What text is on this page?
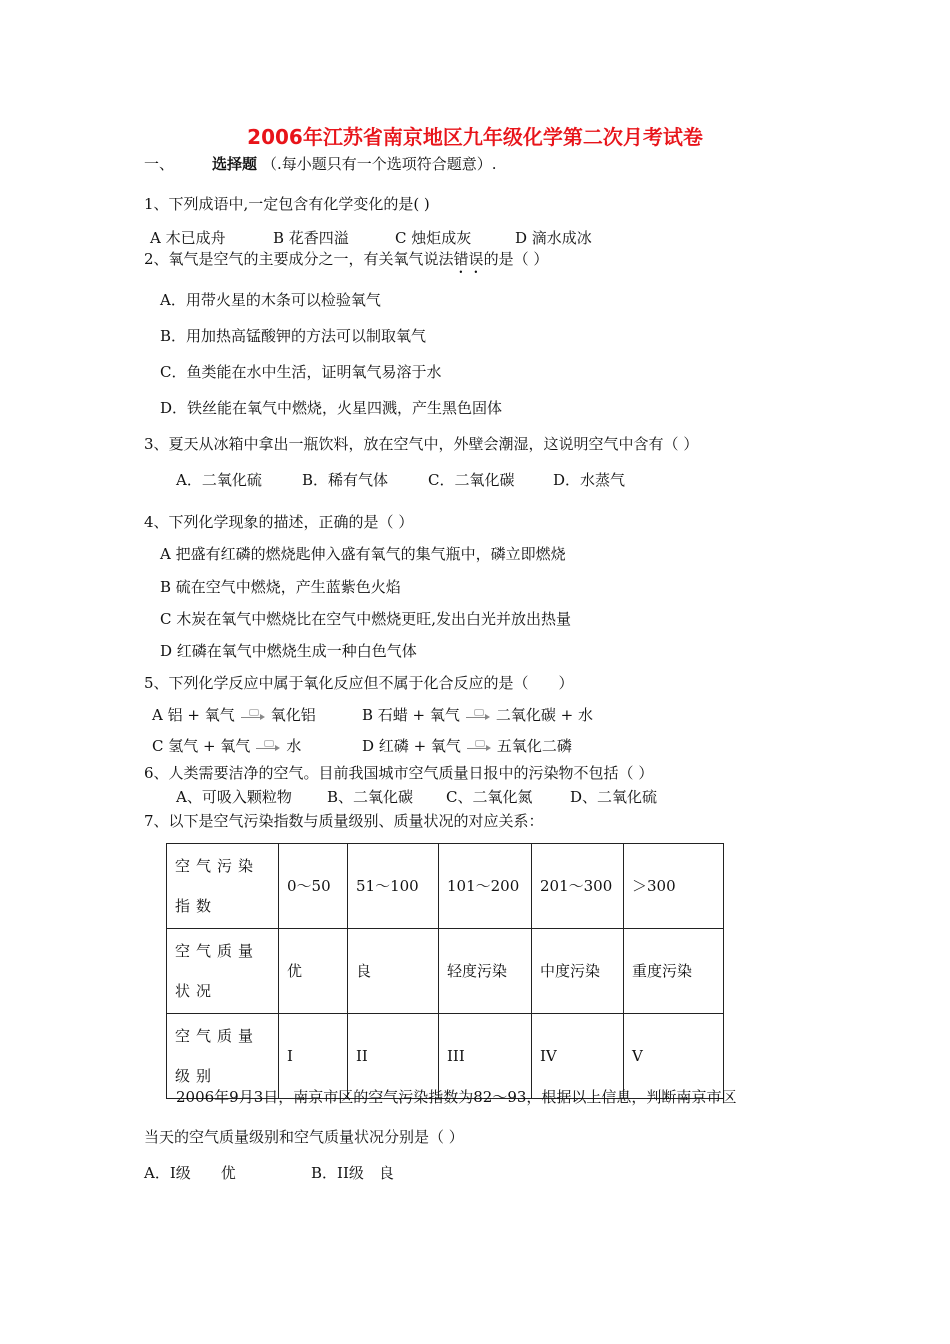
2006年江苏省南京地区九年级化学第二次月考试卷
一、	选择题 （.每小题只有一个选项符合题意）.
1、下列成语中,一定包含有化学变化的是( )
A 木已成舟	B 花香四溢	C 烛炬成灰	D 滴水成冰
2、氧气是空气的主要成分之一，有关氧气说法错误的是（ ）
A．用带火星的木条可以检验氧气
B．用加热高锰酸钾的方法可以制取氧气
C．鱼类能在水中生活，证明氧气易溶于水
D．铁丝能在氧气中燃烧，火星四溅，产生黑色固体
3、夏天从冰箱中拿出一瓶饮料，放在空气中，外壁会潮湿，这说明空气中含有（ ）
A．二氧化硫	B．稀有气体	C．二氧化碳	D．水蒸气
4、下列化学现象的描述，正确的是（ ）
A 把盛有红磷的燃烧匙伸入盛有氧气的集气瓶中，磷立即燃烧
B 硫在空气中燃烧，产生蓝紫色火焰
C 木炭在氧气中燃烧比在空气中燃烧更旺,发出白光并放出热量
D 红磷在氧气中燃烧生成一种白色气体
5、下列化学反应中属于氧化反应但不属于化合反应的是（　　）
A 铝 + 氧气 氧化铝	B 石蜡 + 氧气 二氧化碳 + 水
C 氢气 + 氧气 水	D 红磷 + 氧气 五氧化二磷
6、人类需要洁净的空气。目前我国城市空气质量日报中的污染物不包括（ ）
A、可吸入颗粒物 B、二氧化碳 C、二氧化氮	D、二氧化硫
7、以下是空气污染指数与质量级别、质量状况的对应关系：
空气污染指数	0～50	51～100	101～200	201～300	＞300
空气质量状况	优	良	轻度污染	中度污染	重度污染
空气质量级别	I	II	III	IV	V
2006年9月3日，南京市区的空气污染指数为82～93，根据以上信息，判断南京市区
当天的空气质量级别和空气质量状况分别是（ ）
A．I级　　优	B．II级　良
